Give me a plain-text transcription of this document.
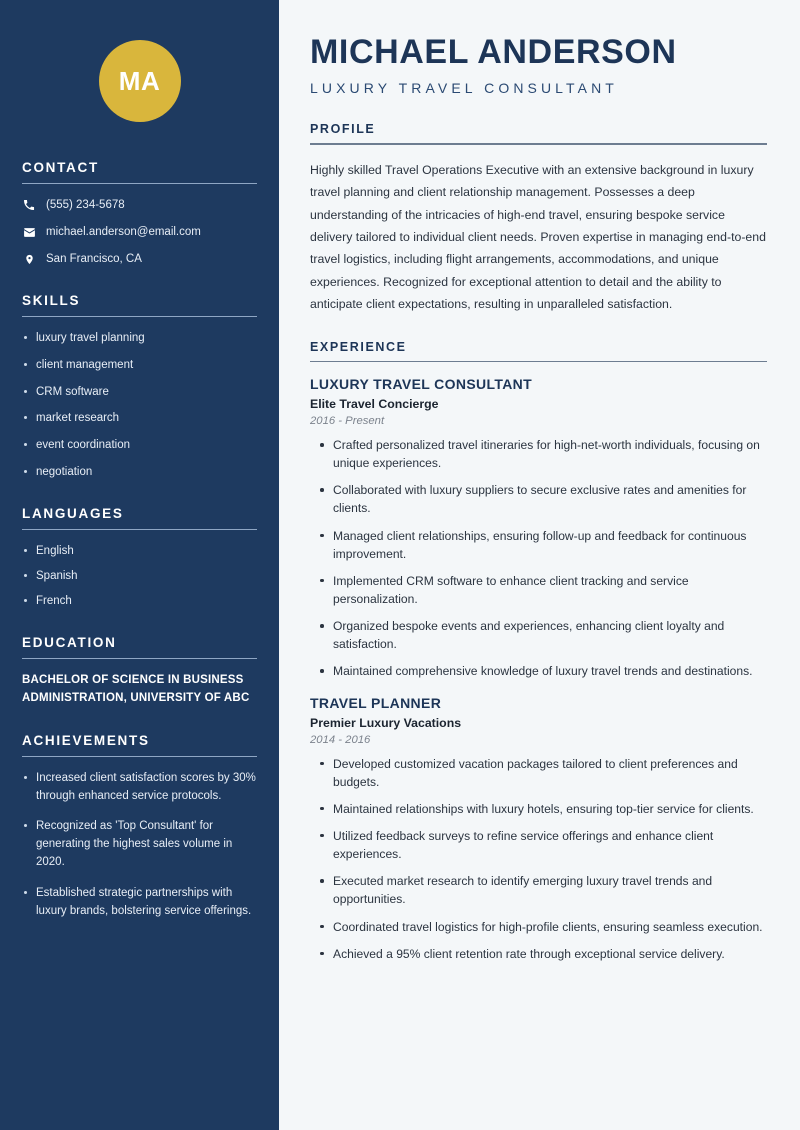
MA
CONTACT
(555) 234-5678
michael.anderson@email.com
San Francisco, CA
SKILLS
luxury travel planning
client management
CRM software
market research
event coordination
negotiation
LANGUAGES
English
Spanish
French
EDUCATION
BACHELOR OF SCIENCE IN BUSINESS ADMINISTRATION, UNIVERSITY OF ABC
ACHIEVEMENTS
Increased client satisfaction scores by 30% through enhanced service protocols.
Recognized as 'Top Consultant' for generating the highest sales volume in 2020.
Established strategic partnerships with luxury brands, bolstering service offerings.
MICHAEL ANDERSON
LUXURY TRAVEL CONSULTANT
PROFILE

Highly skilled Travel Operations Executive with an extensive background in luxury travel planning and client relationship management. Possesses a deep understanding of the intricacies of high-end travel, ensuring bespoke service delivery tailored to individual client needs. Proven expertise in managing end-to-end travel logistics, including flight arrangements, accommodations, and unique experiences. Recognized for exceptional attention to detail and the ability to anticipate client expectations, resulting in unparalleled satisfaction.

EXPERIENCE
LUXURY TRAVEL CONSULTANT
Elite Travel Concierge
2016 - Present
Crafted personalized travel itineraries for high-net-worth individuals, focusing on unique experiences.
Collaborated with luxury suppliers to secure exclusive rates and amenities for clients.
Managed client relationships, ensuring follow-up and feedback for continuous improvement.
Implemented CRM software to enhance client tracking and service personalization.
Organized bespoke events and experiences, enhancing client loyalty and satisfaction.
Maintained comprehensive knowledge of luxury travel trends and destinations.
TRAVEL PLANNER
Premier Luxury Vacations
2014 - 2016
Developed customized vacation packages tailored to client preferences and budgets.
Maintained relationships with luxury hotels, ensuring top-tier service for clients.
Utilized feedback surveys to refine service offerings and enhance client experiences.
Executed market research to identify emerging luxury travel trends and opportunities.
Coordinated travel logistics for high-profile clients, ensuring seamless execution.
Achieved a 95% client retention rate through exceptional service delivery.
